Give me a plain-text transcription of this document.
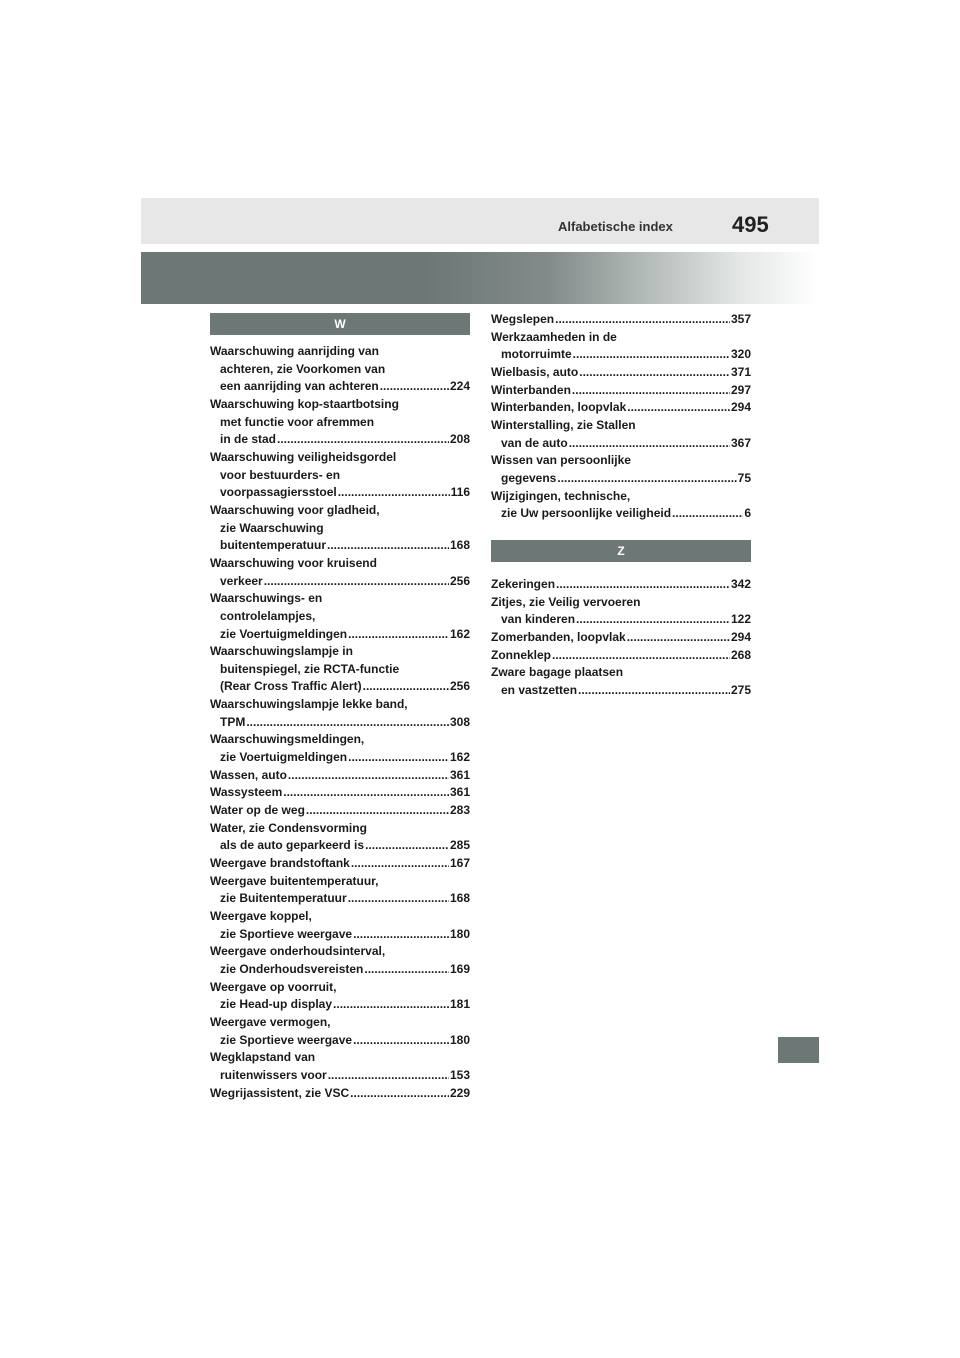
Alfabetische index	495
W
Waarschuwing aanrijding van
achteren, zie Voorkomen van
een aanrijding van achteren .....	224
Waarschuwing kop-staartbotsing
met functie voor afremmen
in de stad .....	208
Waarschuwing veiligheidsgordel
voor bestuurders- en
voorpassagiersstoel .....	116
Waarschuwing voor gladheid,
zie Waarschuwing
buitentemperatuur .....	168
Waarschuwing voor kruisend
verkeer .....	256
Waarschuwings- en
controlelampjes,
zie Voertuigmeldingen .....	162
Waarschuwingslampje in
buitenspiegel, zie RCTA-functie
(Rear Cross Traffic Alert) .....	256
Waarschuwingslampje lekke band,
TPM .....	308
Waarschuwingsmeldingen,
zie Voertuigmeldingen .....	162
Wassen, auto .....	361
Wassysteem .....	361
Water op de weg .....	283
Water, zie Condensvorming
als de auto geparkeerd is .....	285
Weergave brandstoftank .....	167
Weergave buitentemperatuur,
zie Buitentemperatuur .....	168
Weergave koppel,
zie Sportieve weergave .....	180
Weergave onderhoudsinterval,
zie Onderhoudsvereisten .....	169
Weergave op voorruit,
zie Head-up display .....	181
Weergave vermogen,
zie Sportieve weergave .....	180
Wegklapstand van
ruitenwissers voor .....	153
Wegrijassistent, zie VSC .....	229
Wegslepen .....	357
Werkzaamheden in de
motorruimte .....	320
Wielbasis, auto .....	371
Winterbanden .....	297
Winterbanden, loopvlak .....	294
Winterstalling, zie Stallen
van de auto .....	367
Wissen van persoonlijke
gegevens .....	75
Wijzigingen, technische,
zie Uw persoonlijke veiligheid .....	6
Z
Zekeringen .....	342
Zitjes, zie Veilig vervoeren
van kinderen .....	122
Zomerbanden, loopvlak .....	294
Zonneklep .....	268
Zware bagage plaatsen
en vastzetten .....	275
